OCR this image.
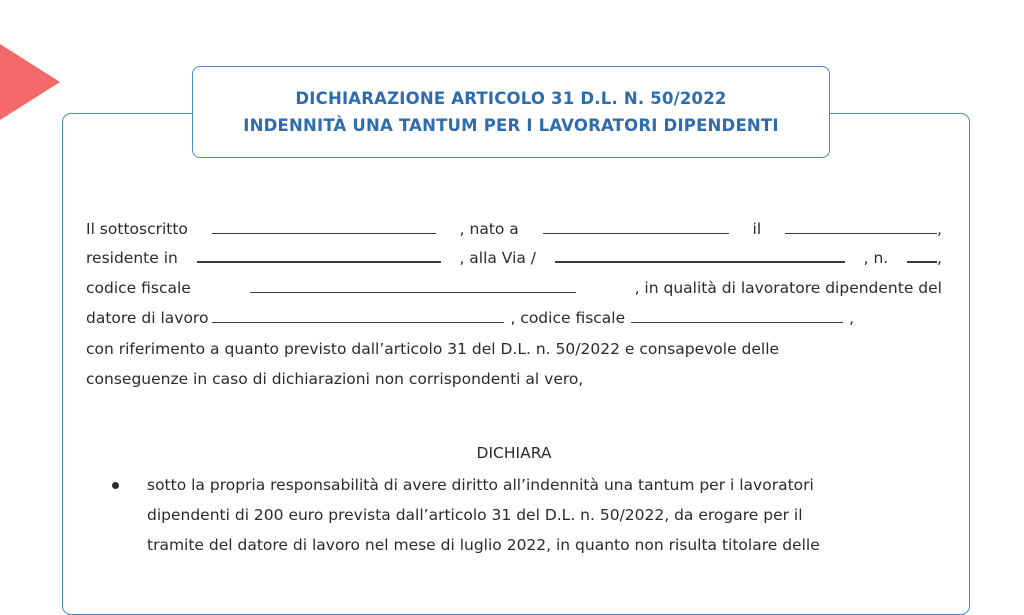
DICHIARAZIONE ARTICOLO 31 D.L. N. 50/2022
INDENNITÀ UNA TANTUM PER I LAVORATORI DIPENDENTI
Il sottoscritto	, nato a	il	,
residente in	, alla Via /	, n.	,
codice fiscale	, in qualità di lavoratore dipendente del
datore di lavoro	, codice fiscale	,
con riferimento a quanto previsto dall’articolo 31 del D.L. n. 50/2022 e consapevole delle
conseguenze in caso di dichiarazioni non corrispondenti al vero,
DICHIARA
sotto la propria responsabilità di avere diritto all’indennità una tantum per i lavoratori
dipendenti di 200 euro prevista dall’articolo 31 del D.L. n. 50/2022, da erogare per il
tramite del datore di lavoro nel mese di luglio 2022, in quanto non risulta titolare delle
